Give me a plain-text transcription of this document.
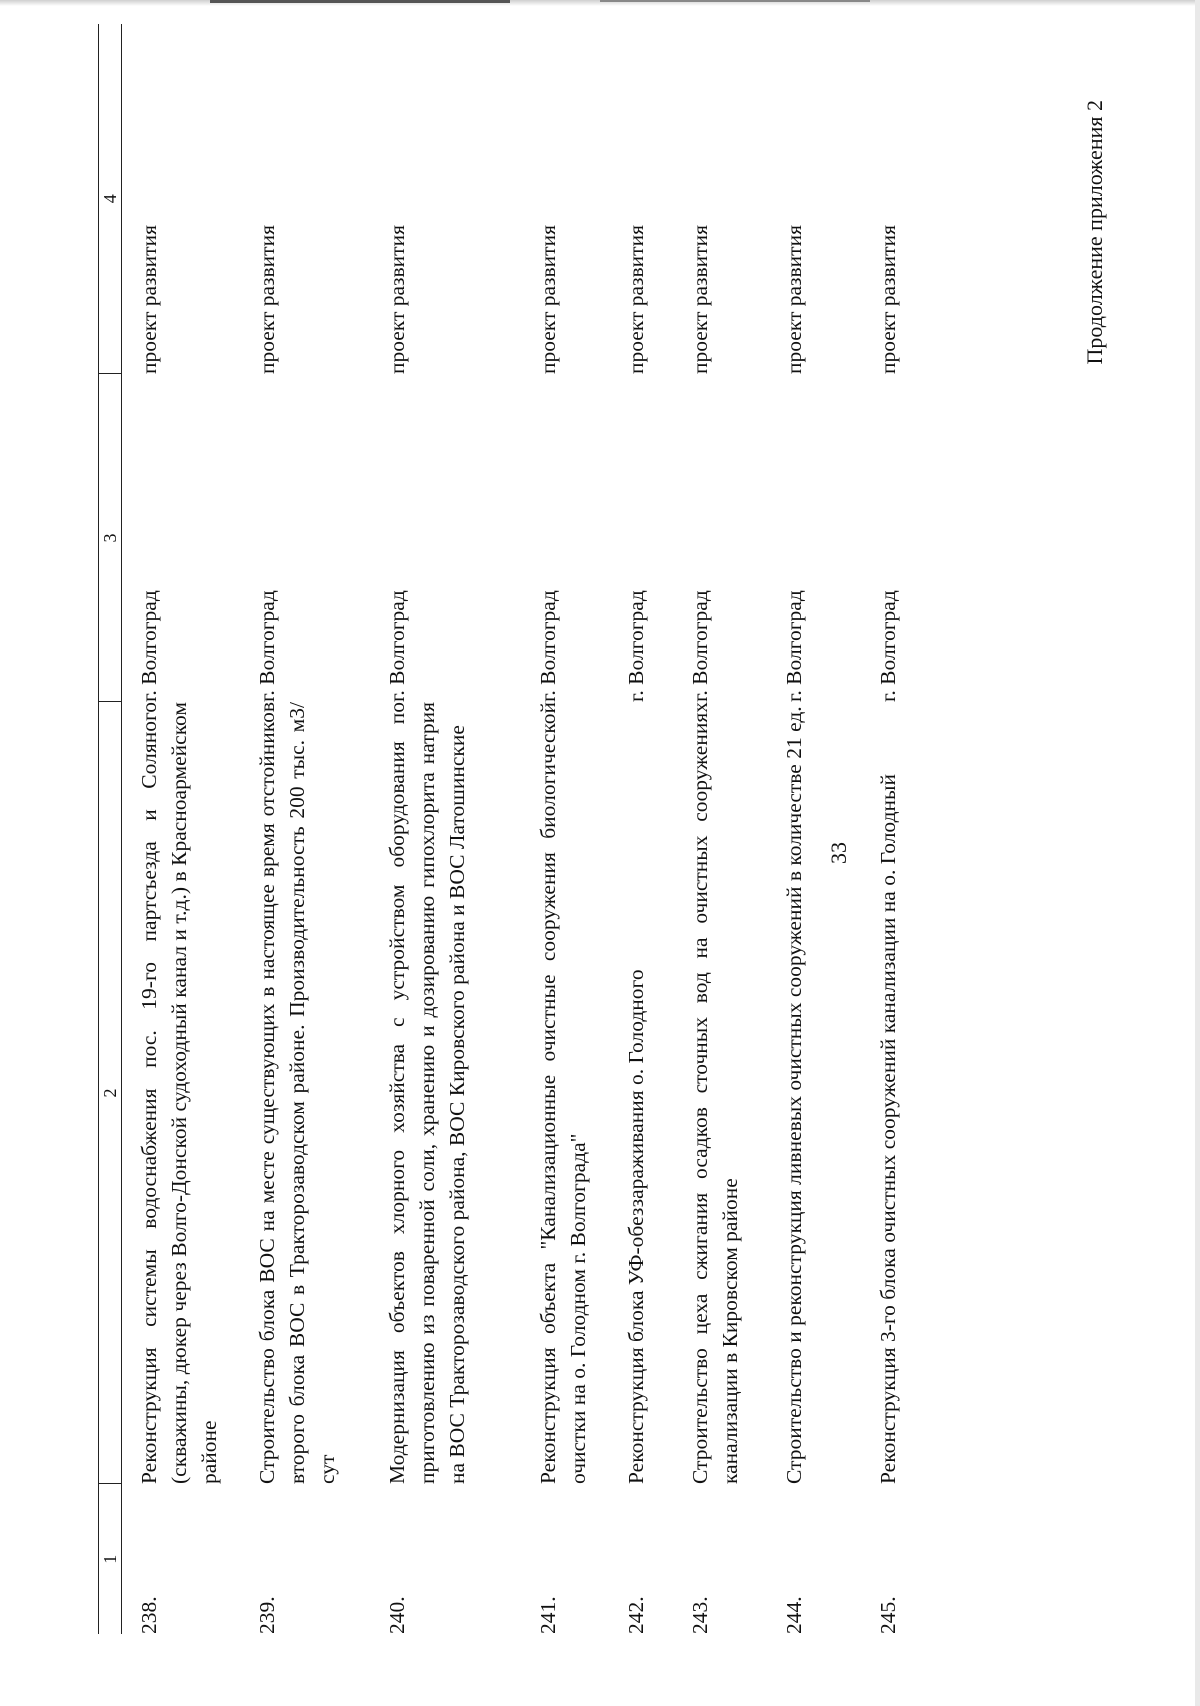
33
Продолжение приложения 2
1	2	3	4
238.	Реконструкция системы водоснабжения пос. 19-го партсъезда и Соляного (скважины, дюкер через Волго-Донской судоходный канал и т.д.) в Красноармейском районе	г. Волгоград	проект развития
239.	Строительство блока ВОС на месте существующих в настоящее время отстойников второго блока ВОС в Тракторозаводском районе. Производительность 200 тыс. м3/сут	г. Волгоград	проект развития
240.	Модернизация объектов хлорного хозяйства с устройством оборудования по приготовлению из поваренной соли, хранению и дозированию гипохлорита натрия на ВОС Тракторозаводского района, ВОС Кировского района и ВОС Латошинские	г. Волгоград	проект развития
241.	Реконструкция объекта "Канализационные очистные сооружения биологической очистки на о. Голодном г. Волгограда"	г. Волгоград	проект развития
242.	Реконструкция блока УФ-обеззараживания о. Голодного	г. Волгоград	проект развития
243.	Строительство цеха сжигания осадков сточных вод на очистных сооружениях канализации в Кировском районе	г. Волгоград	проект развития
244.	Строительство и реконструкция ливневых очистных сооружений в количестве 21 ед.	г. Волгоград	проект развития
245.	Реконструкция 3-го блока очистных сооружений канализации на о. Голодный	г. Волгоград	проект развития
